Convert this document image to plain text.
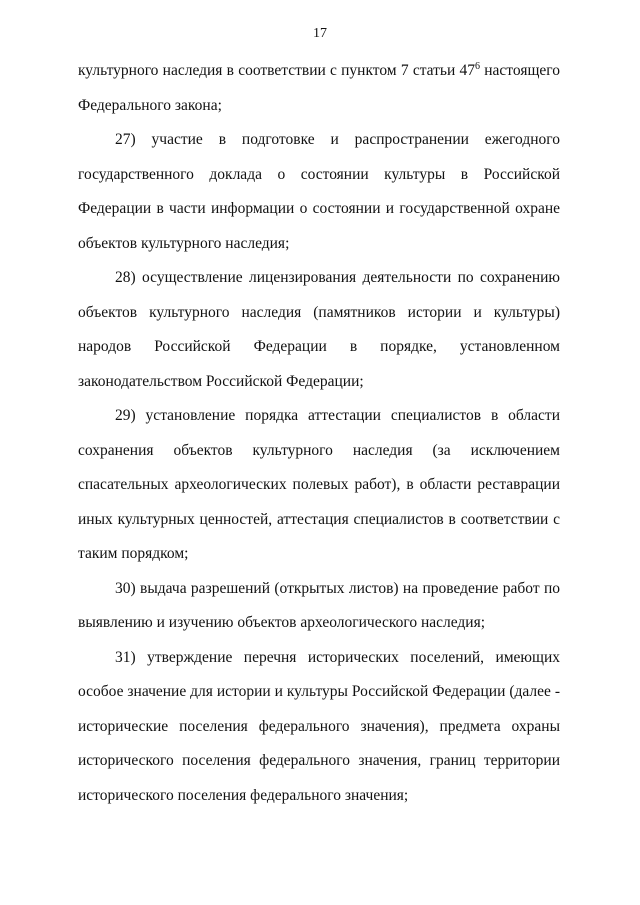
17

культурного наследия в соответствии с пунктом 7 статьи $47^6$ настоящего Федерального закона;

27) участие в подготовке и распространении ежегодного государственного доклада о состоянии культуры в Российской Федерации в части информации о состоянии и государственной охране объектов культурного наследия;

28) осуществление лицензирования деятельности по сохранению объектов культурного наследия (памятников истории и культуры) народов Российской Федерации в порядке, установленном законодательством Российской Федерации;

29) установление порядка аттестации специалистов в области сохранения объектов культурного наследия (за исключением спасательных археологических полевых работ), в области реставрации иных культурных ценностей, аттестация специалистов в соответствии с таким порядком;

30) выдача разрешений (открытых листов) на проведение работ по выявлению и изучению объектов археологического наследия;

31) утверждение перечня исторических поселений, имеющих особое значение для истории и культуры Российской Федерации (далее - исторические поселения федерального значения), предмета охраны исторического поселения федерального значения, границ территории исторического поселения федерального значения;
